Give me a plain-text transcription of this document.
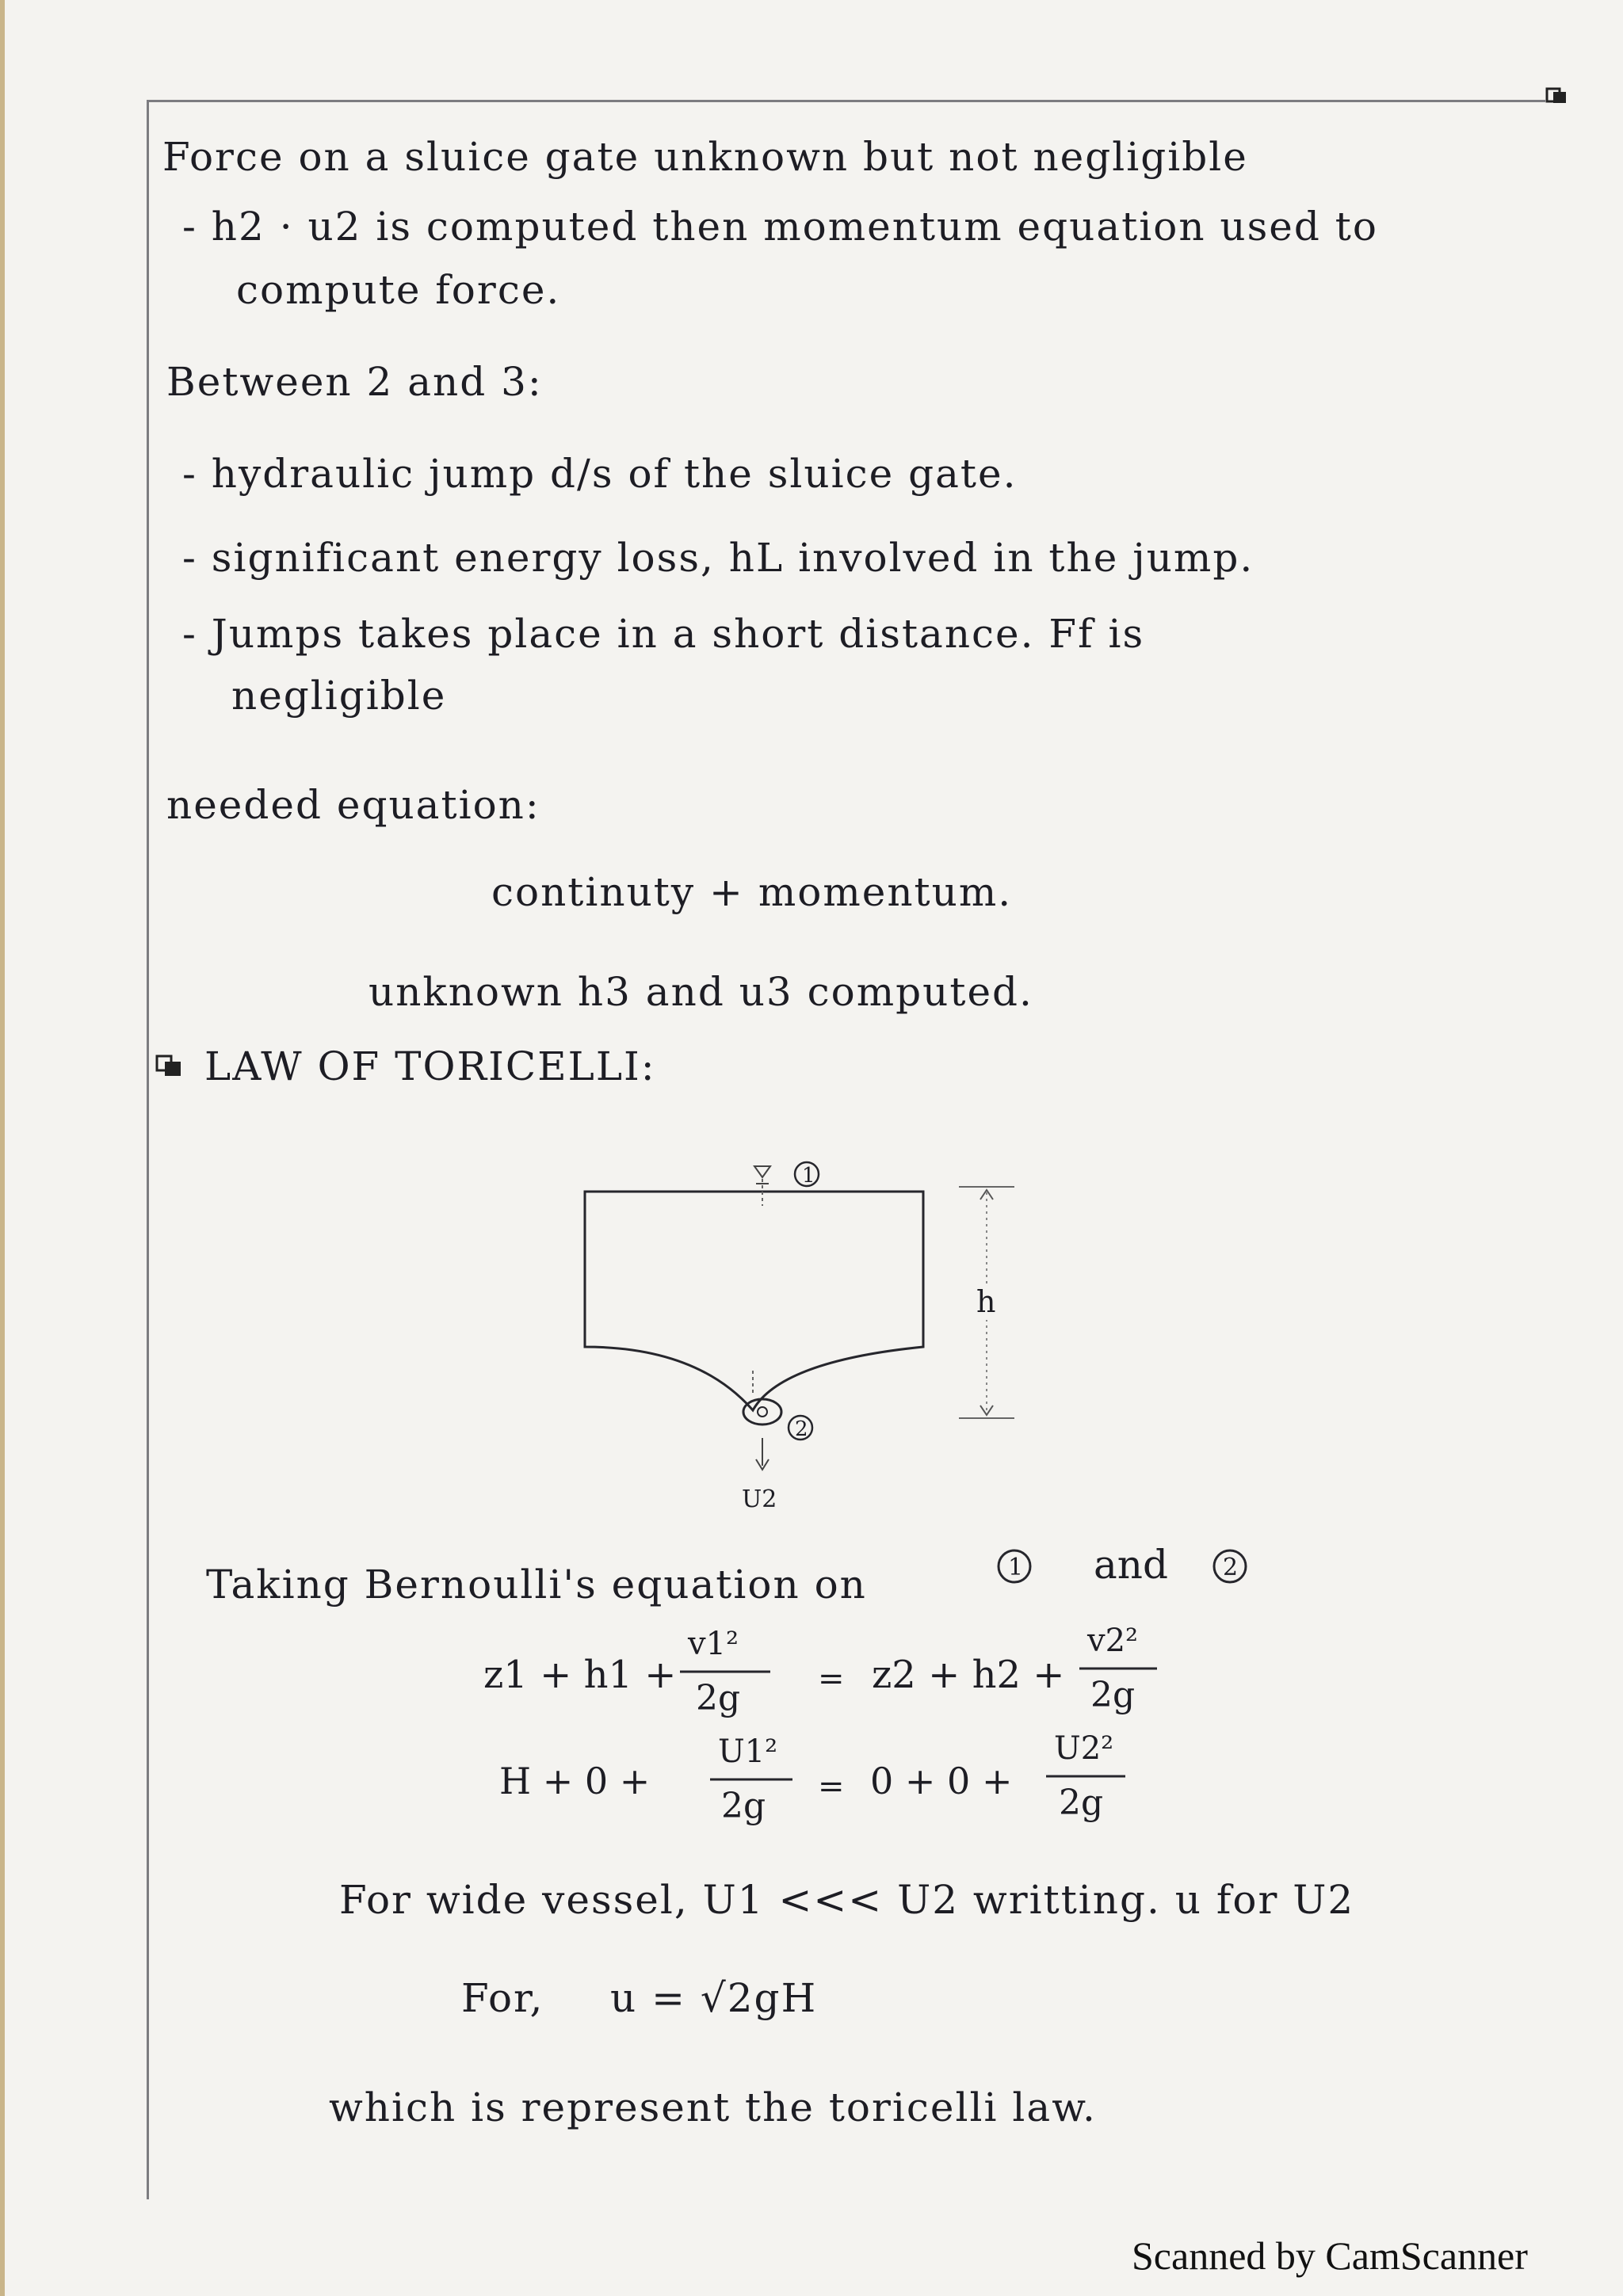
Force on a sluice gate unknown but not negligible
- h2 · u2 is computed then momentum equation used to
compute force.
Between 2 and 3:
- hydraulic jump d/s of the sluice gate.
- significant energy loss, hL involved in the jump.
- Jumps takes place in a short distance. Ff is
negligible
needed equation:
continuty + momentum.
unknown h3 and u3 computed.
LAW OF TORICELLI:
1
2
U2
h
Taking Bernoulli's equation on	1 and 2
z1 + h1 +
v1²
2g = z2 + h2 +
v2²
2g
H + 0 +
U1²
2g = 0 + 0 +
U2²
2g
For wide vessel, U1 <<< U2 writting. u for U2
For, u = √2gH
which is represent the toricelli law.
Scanned by CamScanner
